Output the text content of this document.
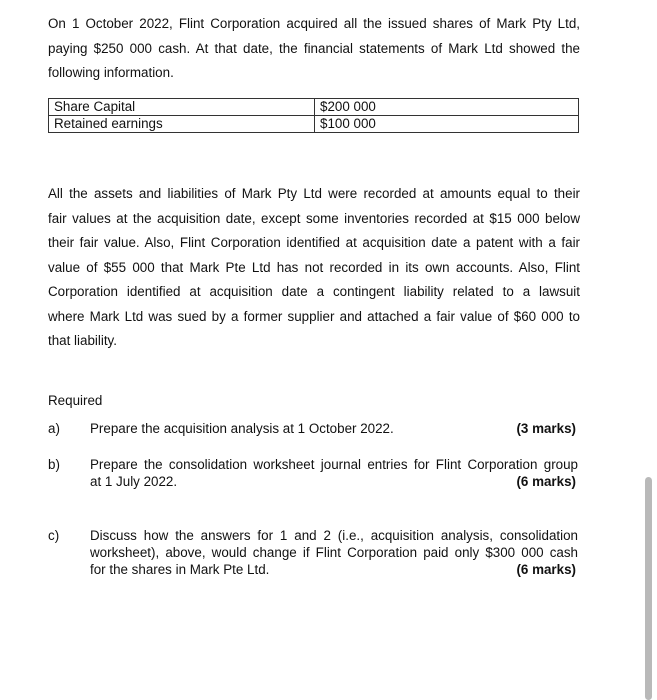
On 1 October 2022, Flint Corporation acquired all the issued shares of Mark Pty Ltd,
paying $250 000 cash. At that date, the financial statements of Mark Ltd showed the
following information.
Share Capital	$200 000
Retained earnings	$100 000
All the assets and liabilities of Mark Pty Ltd were recorded at amounts equal to their
fair values at the acquisition date, except some inventories recorded at $15 000 below
their fair value. Also, Flint Corporation identified at acquisition date a patent with a fair
value of $55 000 that Mark Pte Ltd has not recorded in its own accounts. Also, Flint
Corporation identified at acquisition date a contingent liability related to a lawsuit
where Mark Ltd was sued by a former supplier and attached a fair value of $60 000 to
that liability.
Required
a) Prepare the acquisition analysis at 1 October 2022.	(3 marks)
b) Prepare the consolidation worksheet journal entries for Flint Corporation group
at 1 July 2022.	(6 marks)
c) Discuss how the answers for 1 and 2 (i.e., acquisition analysis, consolidation
worksheet), above, would change if Flint Corporation paid only $300 000 cash
for the shares in Mark Pte Ltd.	(6 marks)
